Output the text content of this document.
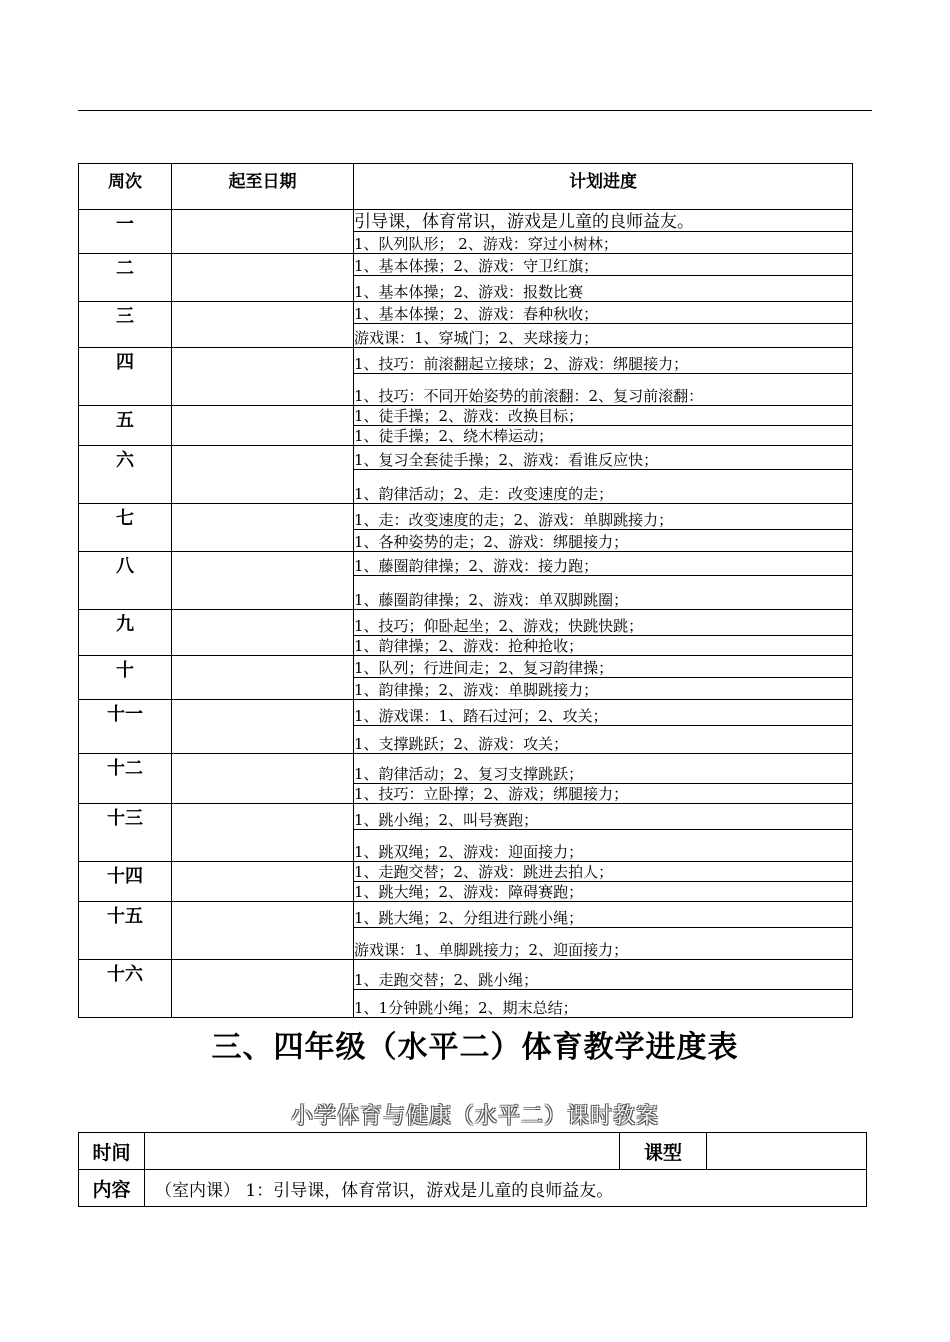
周次	起至日期	计划进度
一		引导课，体育常识，游戏是儿童的良师益友。
		1、队列队形； 2、游戏：穿过小树林；
二		1、基本体操；2、游戏：守卫红旗；
		1、基本体操；2、游戏：报数比赛
三		1、基本体操；2、游戏：春种秋收；
		游戏课：1、穿城门；2、夹球接力；
四		1、技巧：前滚翻起立接球；2、游戏：绑腿接力；
		1、技巧：不同开始姿势的前滚翻：2、复习前滚翻：
五		1、徒手操；2、游戏：改换目标；
		1、徒手操；2、绕木棒运动；
六		1、复习全套徒手操；2、游戏：看谁反应快；
		1、韵律活动；2、走：改变速度的走；
七		1、走：改变速度的走；2、游戏：单脚跳接力；
		1、各种姿势的走；2、游戏：绑腿接力；
八		1、藤圈韵律操；2、游戏：接力跑；
		1、藤圈韵律操；2、游戏：单双脚跳圈；
九		1、技巧；仰卧起坐；2、游戏；快跳快跳；
		1、韵律操；2、游戏：抢种抢收；
十		1、队列；行进间走；2、复习韵律操；
		1、韵律操；2、游戏：单脚跳接力；
十一		1、游戏课：1、踏石过河；2、攻关；
		1、支撑跳跃；2、游戏：攻关；
十二		1、韵律活动；2、复习支撑跳跃；
		1、技巧：立卧撑；2、游戏；绑腿接力；
十三		1、跳小绳；2、叫号赛跑；
		1、跳双绳；2、游戏：迎面接力；
十四		1、走跑交替；2、游戏：跳进去拍人；
		1、跳大绳；2、游戏：障碍赛跑；
十五		1、跳大绳；2、分组进行跳小绳；
		游戏课：1、单脚跳接力；2、迎面接力；
十六		1、走跑交替；2、跳小绳；
		1、1分钟跳小绳；2、期末总结；
三、四年级（水平二）体育教学进度表
小学体育与健康（水平二）课时教案
时间		课型	
内容	（室内课） 1：引导课，体育常识，游戏是儿童的良师益友。		
